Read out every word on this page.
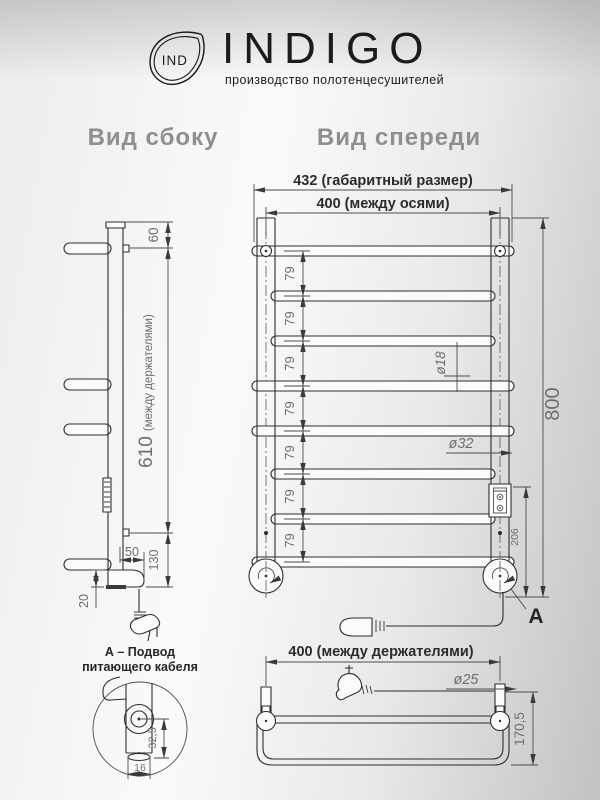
IND INDIGO
производство полотенцесушителей
Вид сбоку	Вид спереди
A
432 (габаритный размер)
400 (между осями)
79
79
79
79
79
79
79
800
206
ø18
ø32
400 (между держателями)
ø25
170,5
60
610(между держателями)
130
50
20
А – Подвод
питающего кабеля
32,5
16
